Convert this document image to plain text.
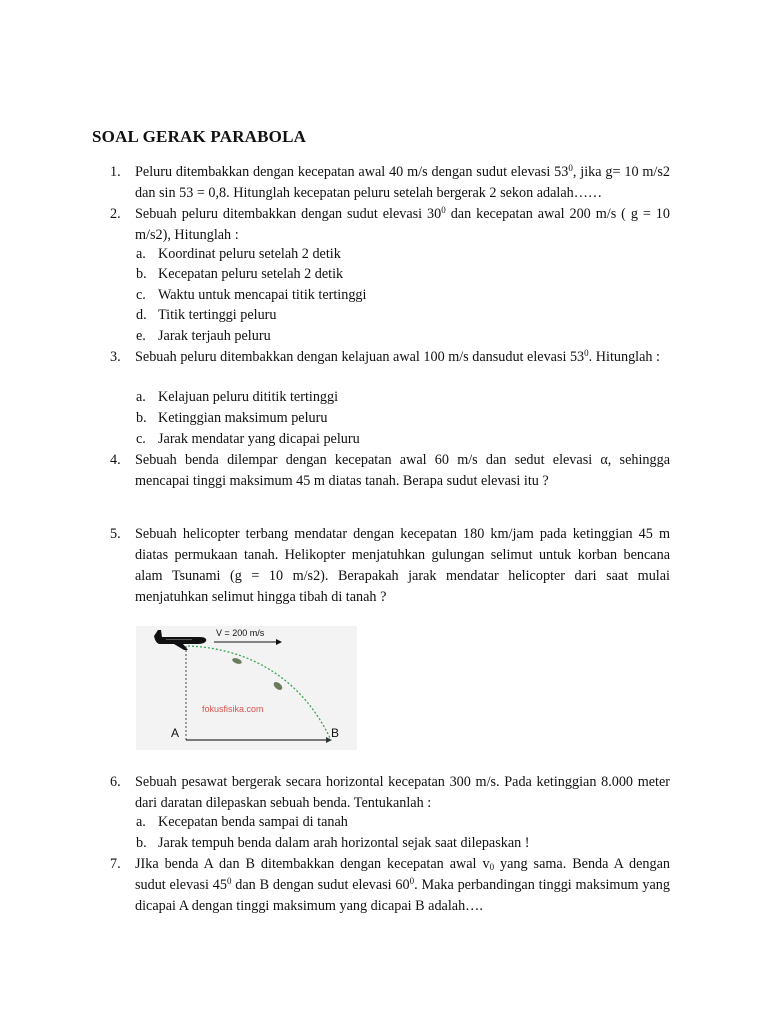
SOAL GERAK PARABOLA
1. Peluru ditembakkan dengan kecepatan awal 40 m/s dengan sudut elevasi $53^0$, jika g= 10 m/s2 dan sin 53 = 0,8. Hitunglah kecepatan peluru setelah bergerak 2 sekon adalah……
2. Sebuah peluru ditembakkan dengan sudut elevasi $30^0$ dan kecepatan awal 200 m/s ( g = 10 m/s2), Hitunglah :
a. Koordinat peluru setelah 2 detik
b. Kecepatan peluru setelah 2 detik
c. Waktu untuk mencapai titik tertinggi
d. Titik tertinggi peluru
e. Jarak terjauh peluru
3. Sebuah peluru ditembakkan dengan kelajuan awal 100 m/s dansudut elevasi $53^0$. Hitunglah :
a. Kelajuan peluru dititik tertinggi
b. Ketinggian maksimum peluru
c. Jarak mendatar yang dicapai peluru
4. Sebuah benda dilempar dengan kecepatan awal 60 m/s dan sedut elevasi α, sehingga mencapai tinggi maksimum 45 m diatas tanah. Berapa sudut elevasi itu ?
5. Sebuah helicopter terbang mendatar dengan kecepatan 180 km/jam pada ketinggian 45 m diatas permukaan tanah. Helikopter menjatuhkan gulungan selimut untuk korban bencana alam Tsunami (g = 10 m/s2). Berapakah jarak mendatar helicopter dari saat mulai menjatuhkan selimut hingga tibah di tanah ?
V = 200 m/s
fokusfisika.com
A	B
6. Sebuah pesawat bergerak secara horizontal kecepatan 300 m/s. Pada ketinggian 8.000 meter dari daratan dilepaskan sebuah benda. Tentukanlah :
a. Kecepatan benda sampai di tanah
b. Jarak tempuh benda dalam arah horizontal sejak saat dilepaskan !
7. JIka benda A dan B ditembakkan dengan kecepatan awal $v_0$ yang sama. Benda A dengan sudut elevasi $45^0$ dan B dengan sudut elevasi $60^0$. Maka perbandingan tinggi maksimum yang dicapai A dengan tinggi maksimum yang dicapai B adalah….
